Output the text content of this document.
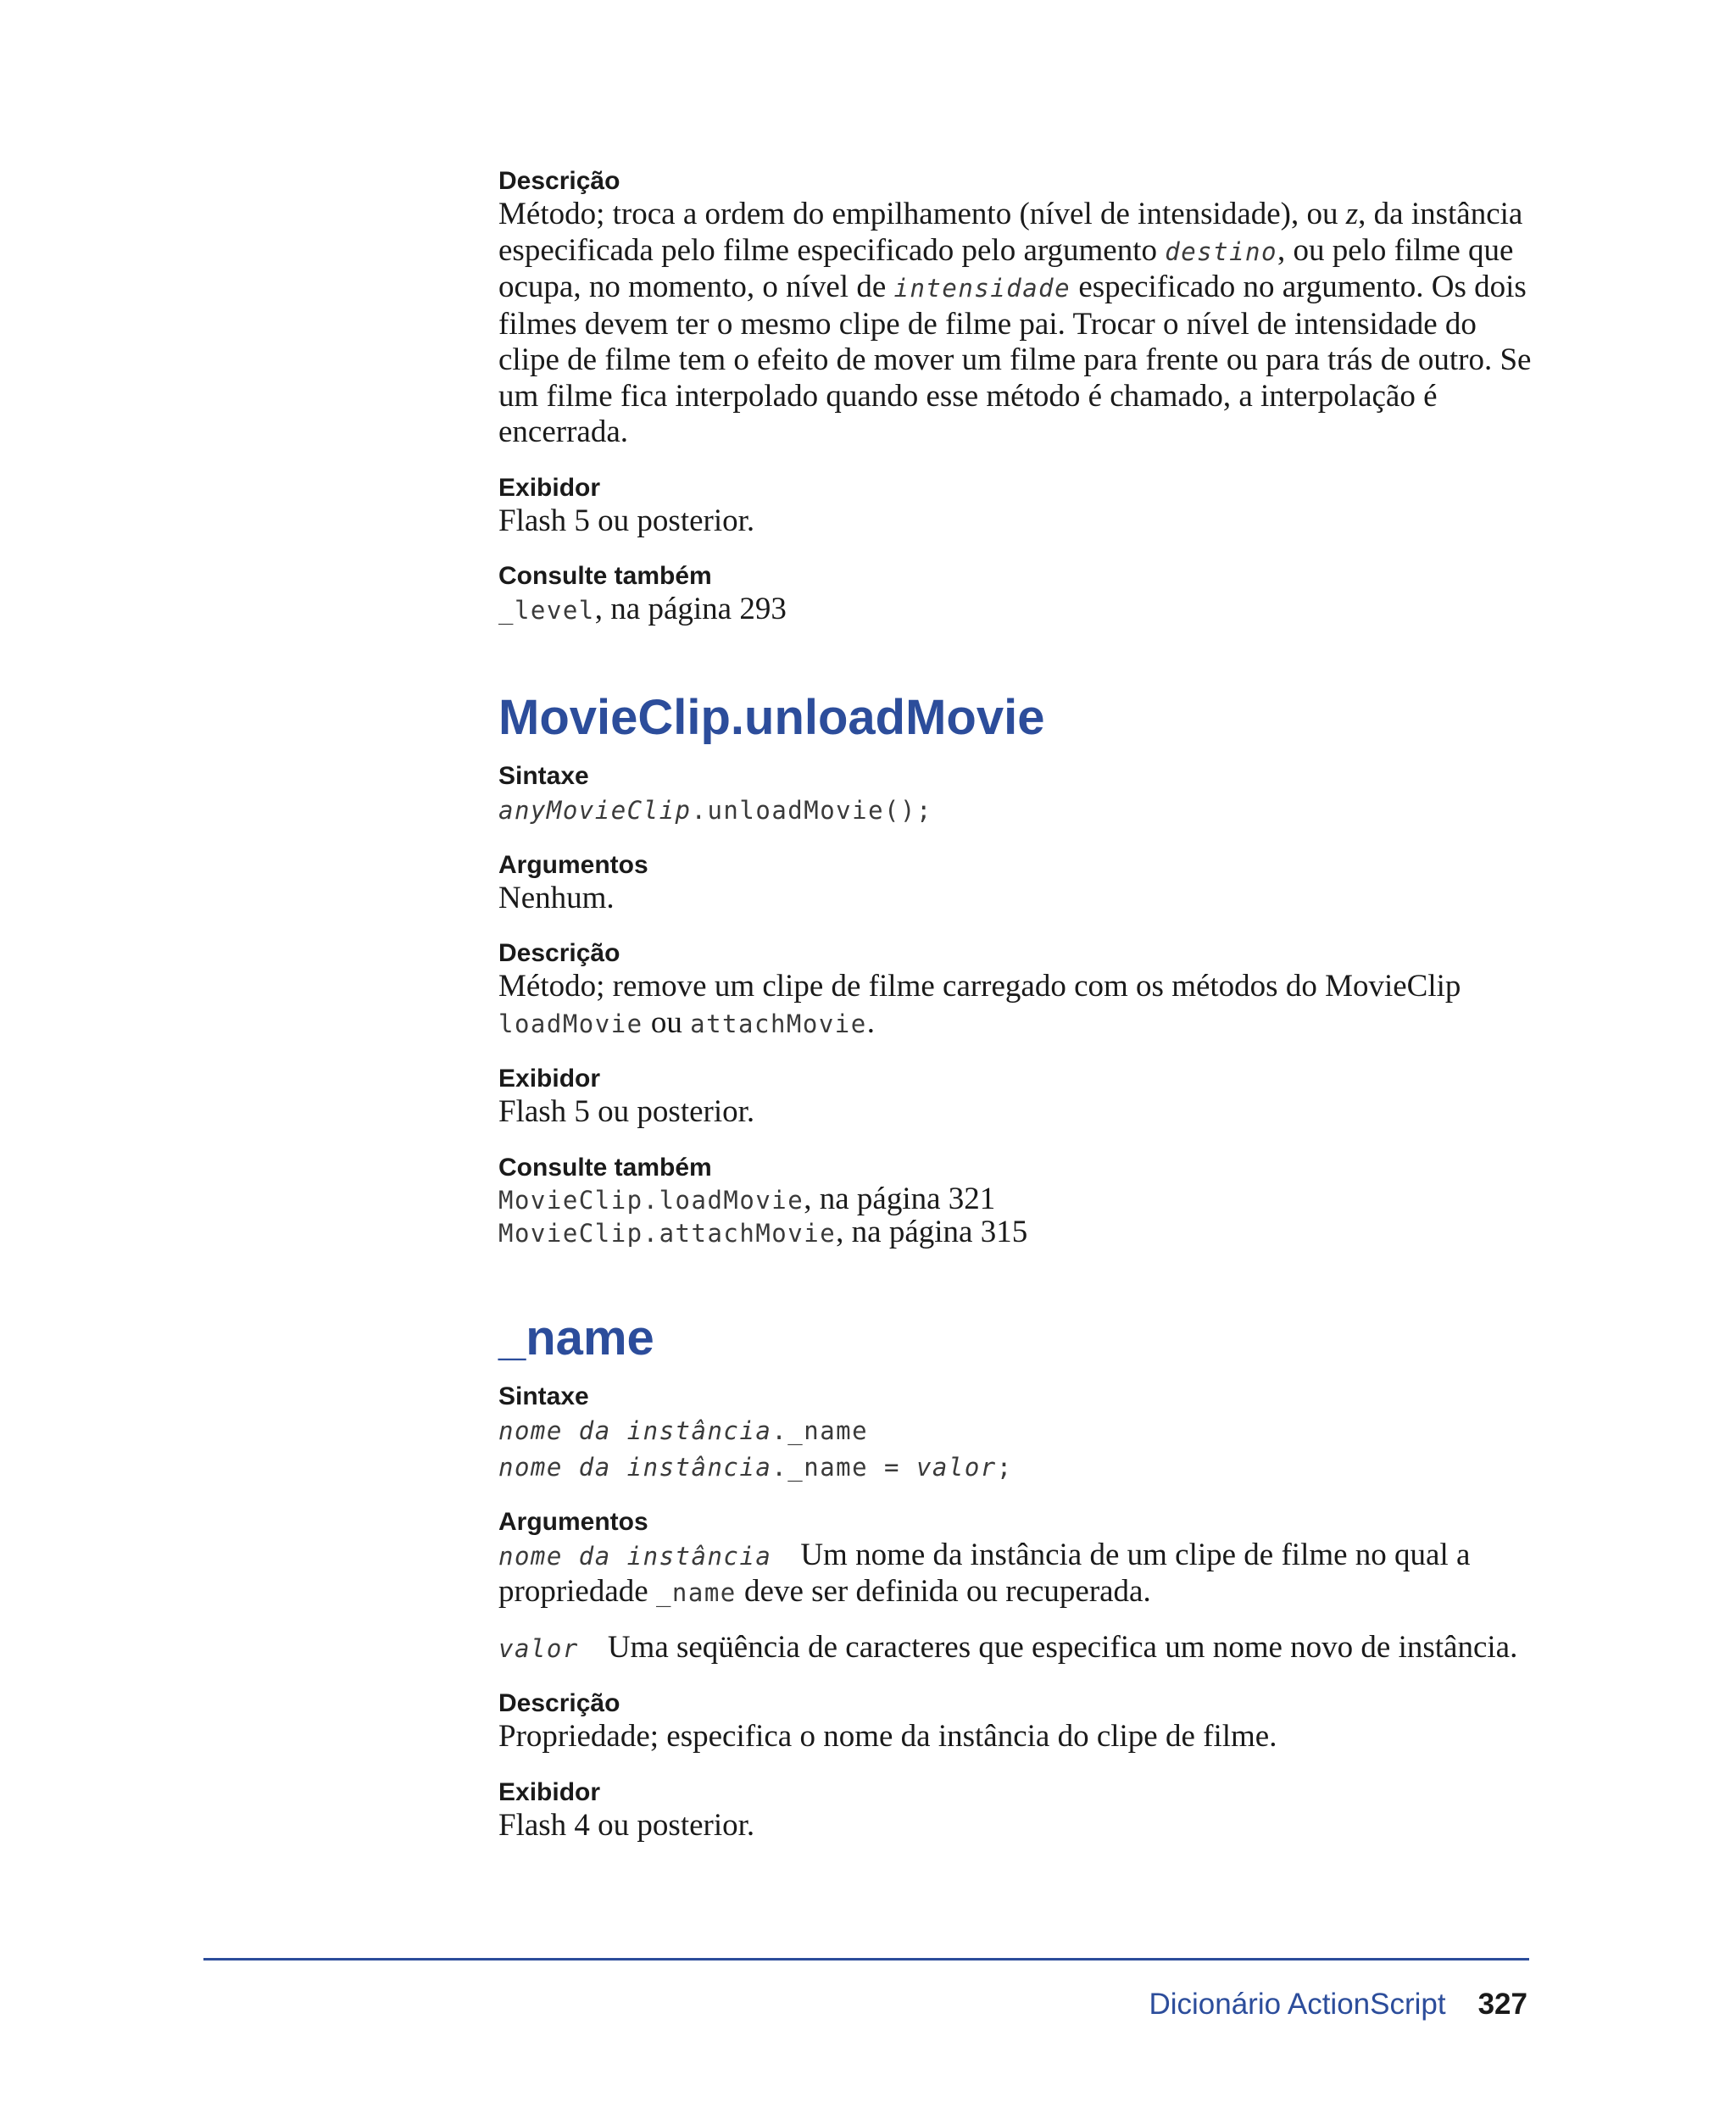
Descrição

Método; troca a ordem do empilhamento (nível de intensidade), ou z, da instância especificada pelo filme especificado pelo argumento destino, ou pelo filme que ocupa, no momento, o nível de intensidade especificado no argumento. Os dois filmes devem ter o mesmo clipe de filme pai. Trocar o nível de intensidade do clipe de filme tem o efeito de mover um filme para frente ou para trás de outro. Se um filme fica interpolado quando esse método é chamado, a interpolação é encerrada.

Exibidor

Flash 5 ou posterior.

Consulte também

_level, na página 293

MovieClip.unloadMovie

Sintaxe

anyMovieClip.unloadMovie();

Argumentos

Nenhum.

Descrição

Método; remove um clipe de filme carregado com os métodos do MovieClip
loadMovie ou attachMovie.

Exibidor

Flash 5 ou posterior.

Consulte também

MovieClip.loadMovie, na página 321

MovieClip.attachMovie, na página 315

_name

Sintaxe

nome da instância._name

nome da instância._name = valor;

Argumentos

nome da instância Um nome da instância de um clipe de filme no qual a propriedade _name deve ser definida ou recuperada.

valor Uma seqüência de caracteres que especifica um nome novo de instância.

Descrição

Propriedade; especifica o nome da instância do clipe de filme.

Exibidor

Flash 4 ou posterior.

Dicionário ActionScript 327
